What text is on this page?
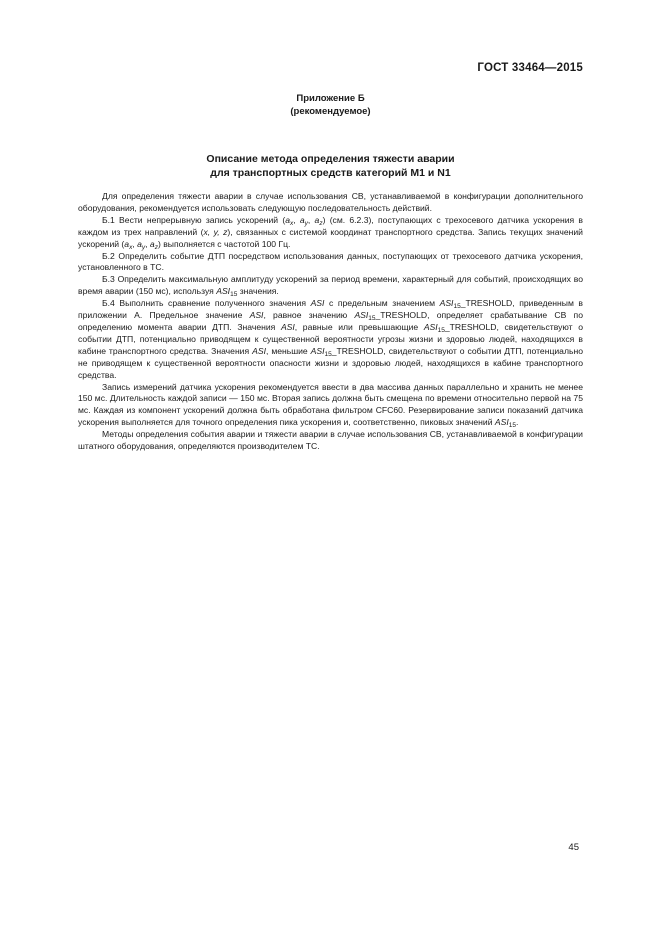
ГОСТ 33464—2015
Приложение Б
(рекомендуемое)
Описание метода определения тяжести аварии
для транспортных средств категорий М1 и N1

Для определения тяжести аварии в случае использования СВ, устанавливаемой в конфигурации дополнительного оборудования, рекомендуется использовать следующую последовательность действий.

Б.1 Вести непрерывную запись ускорений ($a_x$, $a_y$, $a_z$) (см. 6.2.3), поступающих с трехосевого датчика ускорения в каждом из трех направлений (x, y, z), связанных с системой координат транспортного средства. Запись текущих значений ускорений ($a_x$, $a_y$, $a_z$) выполняется с частотой 100 Гц.

Б.2 Определить событие ДТП посредством использования данных, поступающих от трехосевого датчика ускорения, установленного в ТС.

Б.3 Определить максимальную амплитуду ускорений за период времени, характерный для событий, происходящих во время аварии (150 мс), используя $ASI_{15}$ значения.

Б.4 Выполнить сравнение полученного значения ASI с предельным значением $ASI_{15}\_TRESHOLD$, приведенным в приложении А. Предельное значение ASI, равное значению $ASI_{15}\_TRESHOLD$, определяет срабатывание СВ по определению момента аварии ДТП. Значения ASI, равные или превышающие $ASI_{15}\_TRESHOLD$, свидетельствуют о событии ДТП, потенциально приводящем к существенной вероятности угрозы жизни и здоровью людей, находящихся в кабине транспортного средства. Значения ASI, меньшие $ASI_{15}\_TRESHOLD$, свидетельствуют о событии ДТП, потенциально не приводящем к существенной вероятности опасности жизни и здоровью людей, находящихся в кабине транспортного средства.

Запись измерений датчика ускорения рекомендуется ввести в два массива данных параллельно и хранить не менее 150 мс. Длительность каждой записи — 150 мс. Вторая запись должна быть смещена по времени относительно первой на 75 мс. Каждая из компонент ускорений должна быть обработана фильтром CFC60. Резервирование записи показаний датчика ускорения выполняется для точного определения пика ускорения и, соответственно, пиковых значений $ASI_{15}$.

Методы определения события аварии и тяжести аварии в случае использования СВ, устанавливаемой в конфигурации штатного оборудования, определяются производителем ТС.

45
